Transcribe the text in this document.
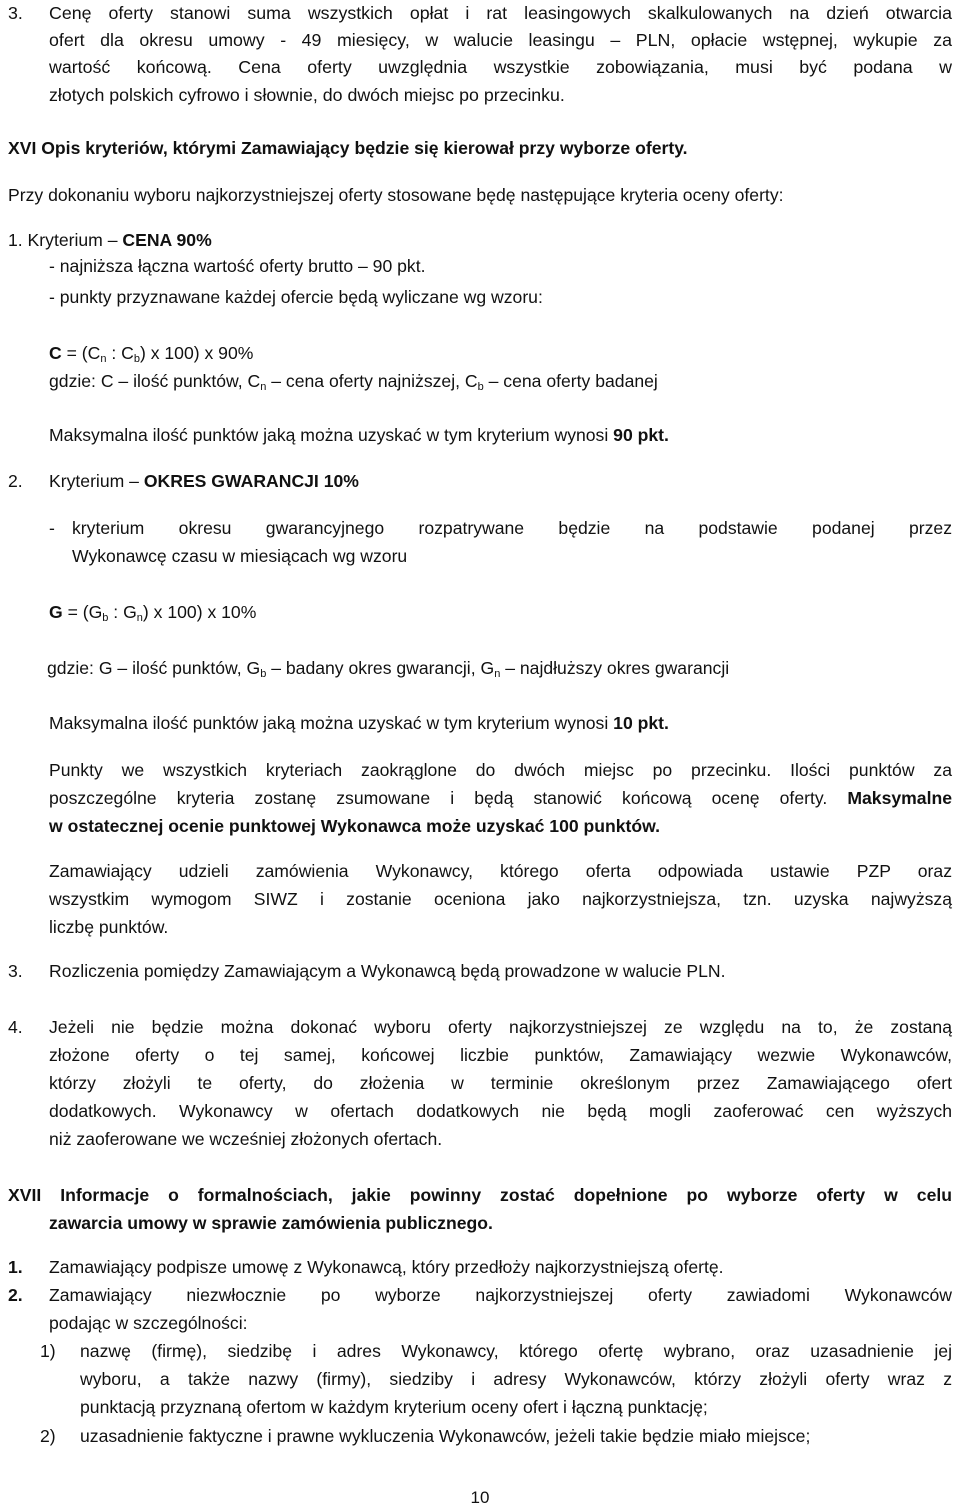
3. Cenę oferty stanowi suma wszystkich opłat i rat leasingowych skalkulowanych na dzień otwarcia
ofert dla okresu umowy - 49 miesięcy, w walucie leasingu – PLN, opłacie wstępnej, wykupie za
wartość końcową. Cena oferty uwzględnia wszystkie zobowiązania, musi być podana w
złotych polskich cyfrowo i słownie, do dwóch miejsc po przecinku.
XVI Opis kryteriów, którymi Zamawiający będzie się kierował przy wyborze oferty.
Przy dokonaniu wyboru najkorzystniejszej oferty stosowane będę następujące kryteria oceny oferty:
1. Kryterium – CENA 90%
- najniższa łączna wartość oferty brutto – 90 pkt.
- punkty przyznawane każdej ofercie będą wyliczane wg wzoru:
$C = (C_n$ : $C_b$) x 100) x 90%
gdzie: C – ilość punktów, $C_n$ – cena oferty najniższej, $C_b$ – cena oferty badanej
Maksymalna ilość punktów jaką można uzyskać w tym kryterium wynosi 90 pkt.
2. Kryterium – OKRES GWARANCJI 10%
- kryterium okresu gwarancyjnego rozpatrywane będzie na podstawie podanej przez
Wykonawcę czasu w miesiącach wg wzoru
$G = (G_b$ : $G_n$) x 100) x 10%
gdzie: G – ilość punktów, $G_b$ – badany okres gwarancji, $G_n$ – najdłuższy okres gwarancji
Maksymalna ilość punktów jaką można uzyskać w tym kryterium wynosi 10 pkt.
Punkty we wszystkich kryteriach zaokrąglone do dwóch miejsc po przecinku. Ilości punktów za
poszczególne kryteria zostanę zsumowane i będą stanowić końcową ocenę oferty. Maksymalne
w ostatecznej ocenie punktowej Wykonawca może uzyskać 100 punktów.
Zamawiający udzieli zamówienia Wykonawcy, którego oferta odpowiada ustawie PZP oraz
wszystkim wymogom SIWZ i zostanie oceniona jako najkorzystniejsza, tzn. uzyska najwyższą
liczbę punktów.
3. Rozliczenia pomiędzy Zamawiającym a Wykonawcą będą prowadzone w walucie PLN.
4. Jeżeli nie będzie można dokonać wyboru oferty najkorzystniejszej ze względu na to, że zostaną
złożone oferty o tej samej, końcowej liczbie punktów, Zamawiający wezwie Wykonawców,
którzy złożyli te oferty, do złożenia w terminie określonym przez Zamawiającego ofert
dodatkowych. Wykonawcy w ofertach dodatkowych nie będą mogli zaoferować cen wyższych
niż zaoferowane we wcześniej złożonych ofertach.
XVII Informacje o formalnościach, jakie powinny zostać dopełnione po wyborze oferty w celu
zawarcia umowy w sprawie zamówienia publicznego.
1. Zamawiający podpisze umowę z Wykonawcą, który przedłoży najkorzystniejszą ofertę.
2. Zamawiający niezwłocznie po wyborze najkorzystniejszej oferty zawiadomi Wykonawców
podając w szczególności:
1) nazwę (firmę), siedzibę i adres Wykonawcy, którego ofertę wybrano, oraz uzasadnienie jej
wyboru, a także nazwy (firmy), siedziby i adresy Wykonawców, którzy złożyli oferty wraz z
punktacją przyznaną ofertom w każdym kryterium oceny ofert i łączną punktację;
2) uzasadnienie faktyczne i prawne wykluczenia Wykonawców, jeżeli takie będzie miało miejsce;
10
